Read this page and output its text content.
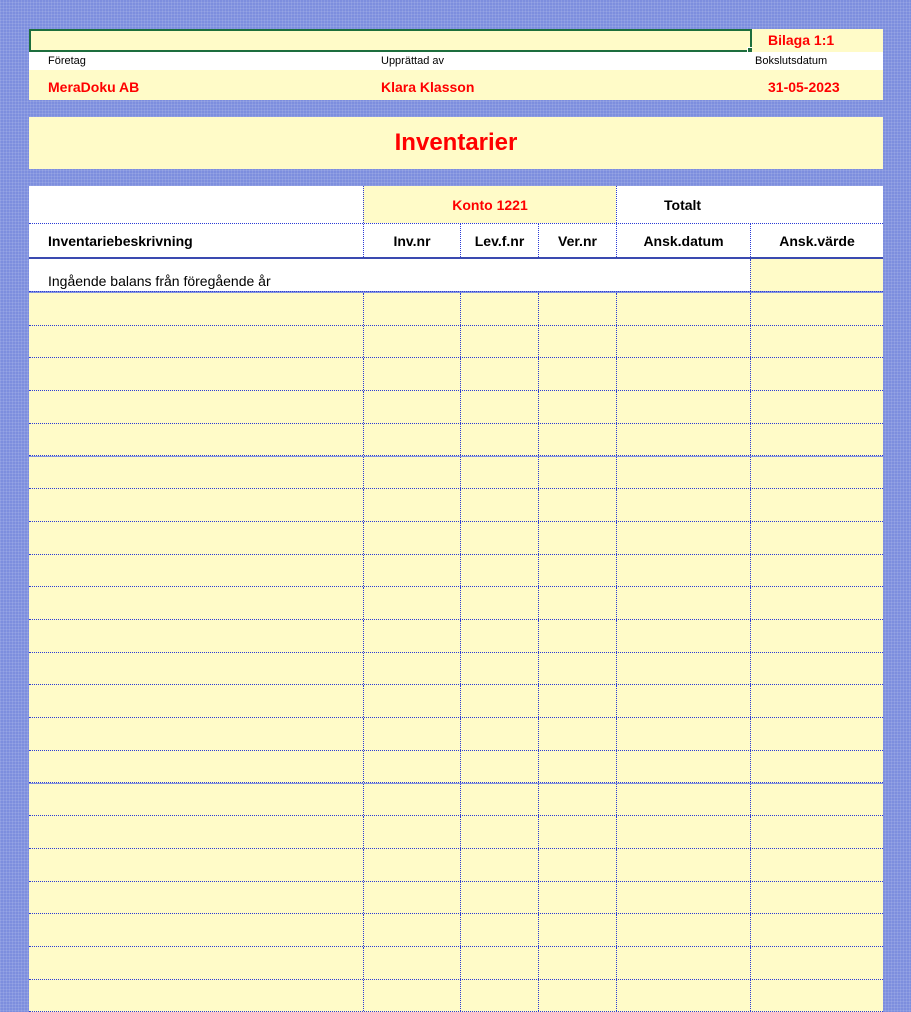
Bilaga 1:1
Företag	Upprättad av	Bokslutsdatum
MeraDoku AB	Klara Klasson	31-05-2023
Inventarier
Konto 1221	Totalt
Inventariebeskrivning	Inv.nr	Lev.f.nr	Ver.nr	Ansk.datum	Ansk.värde
Ingående balans från föregående år
